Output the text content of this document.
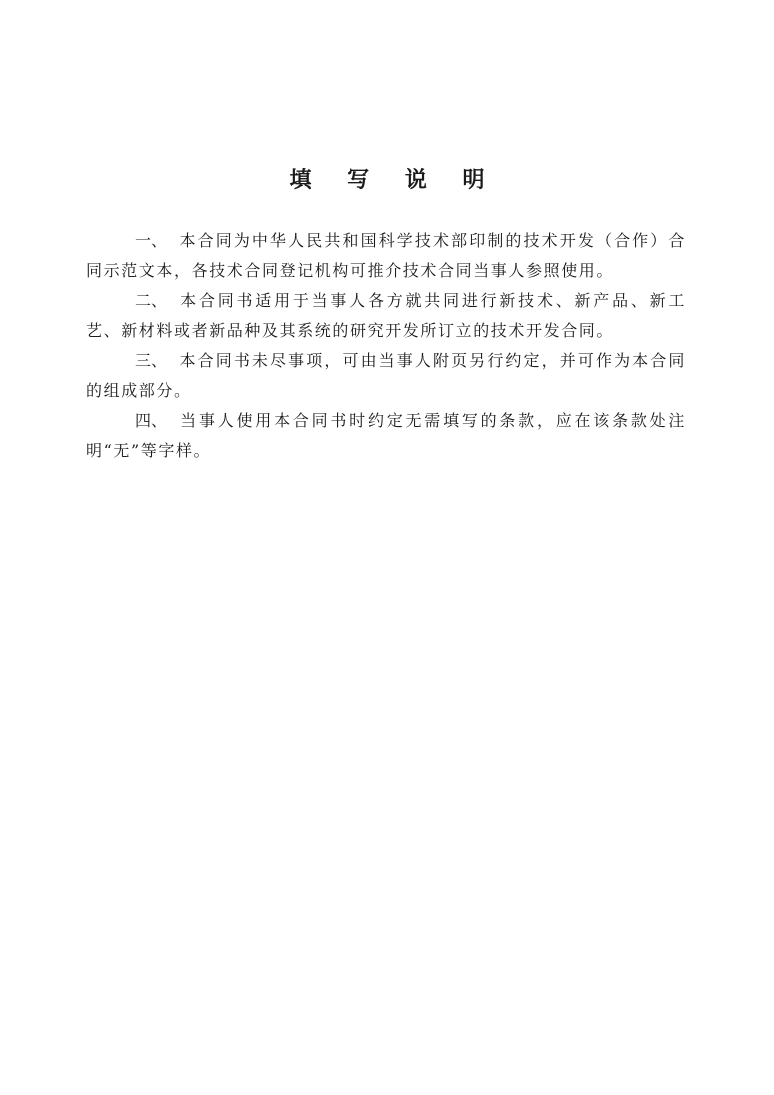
填 写 说 明

一、 本合同为中华人民共和国科学技术部印制的技术开发（合作）合同示范文本，各技术合同登记机构可推介技术合同当事人参照使用。

二、 本合同书适用于当事人各方就共同进行新技术、新产品、新工艺、新材料或者新品种及其系统的研究开发所订立的技术开发合同。

三、 本合同书未尽事项，可由当事人附页另行约定，并可作为本合同的组成部分。

四、 当事人使用本合同书时约定无需填写的条款，应在该条款处注明“无”等字样。
